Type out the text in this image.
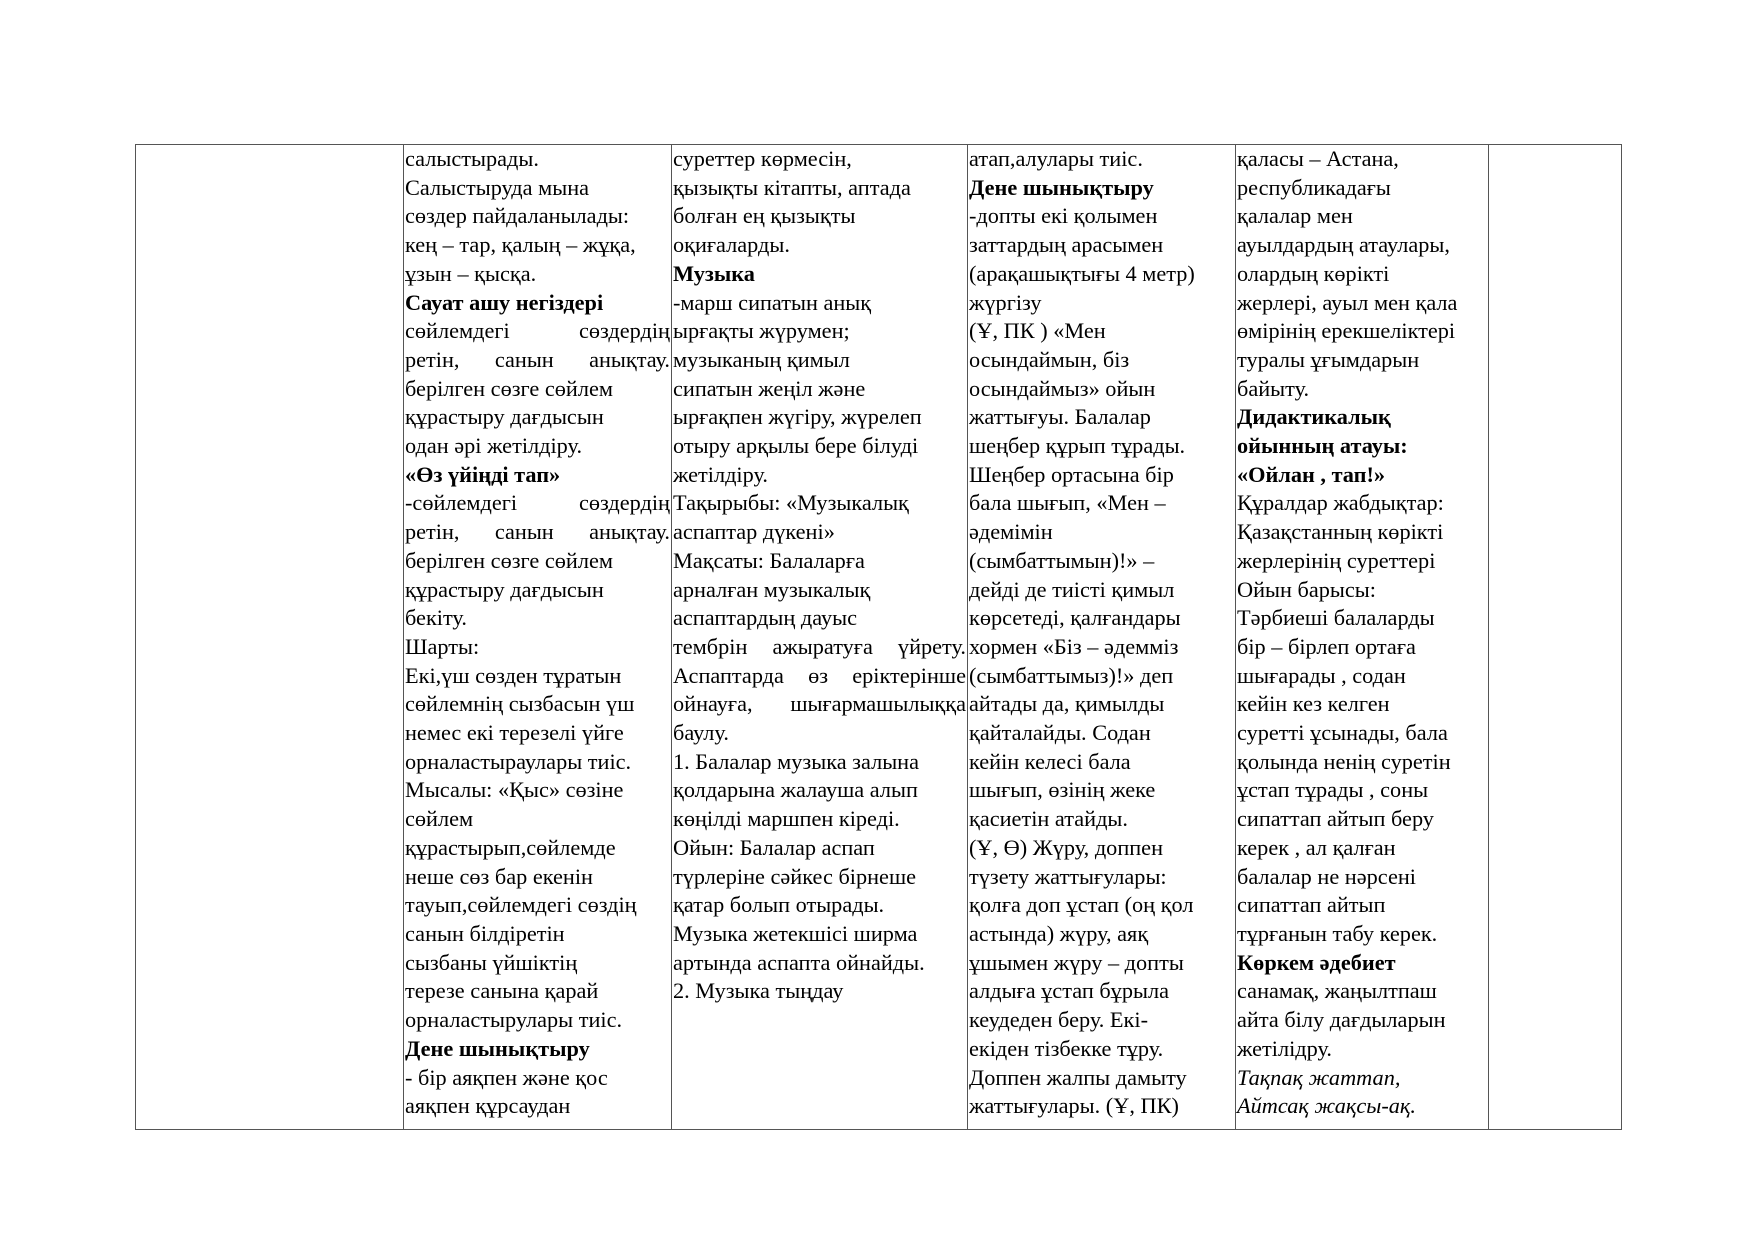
салыстырады.
Салыстыруда мына
сөздер пайдаланылады:
кең – тар, қалың – жұқа,
ұзын – қысқа.
Сауат ашу негіздері
сөйлемдегі	сөздердің
ретін, санын анықтау.
берілген сөзге сөйлем
құрастыру дағдысын
одан әрі жетілдіру.
«Өз үйіңді тап»
-сөйлемдегі	сөздердің
ретін, санын анықтау.
берілген сөзге сөйлем
құрастыру дағдысын
бекіту.
Шарты:
Екі,үш сөзден тұратын
сөйлемнің сызбасын үш
немес екі терезелі үйге
орналастыраулары тиіс.
Мысалы: «Қыс» сөзіне
сөйлем
құрастырып,сөйлемде
неше сөз бар екенін
тауып,сөйлемдегі сөздің
санын білдіретін
сызбаны үйшіктің
терезе санына қарай
орналастырулары тиіс.
Дене шынықтыру
- бір аяқпен және қос
аяқпен құрсаудан

суреттер көрмесін,
қызықты кітапты, аптада
болған ең қызықты
оқиғаларды.
Музыка
-марш сипатын анық
ырғақты жүрумен;
музыканың қимыл
сипатын жеңіл және
ырғақпен жүгіру, жүрелеп
отыру арқылы бере білуді
жетілдіру.
Тақырыбы: «Музыкалық
аспаптар дүкені»
Мақсаты: Балаларға
арналған музыкалық
аспаптардың дауыс
тембрін ажыратуға үйрету.
Аспаптарда өз еріктерінше
ойнауға, шығармашылыққа
баулу.
1. Балалар музыка залына
қолдарына жалауша алып
көңілді маршпен кіреді.
Ойын: Балалар аспап
түрлеріне сәйкес бірнеше
қатар болып отырады.
Музыка жетекшісі ширма
артында аспапта ойнайды.
2. Музыка тыңдау

атап,алулары тиіс.
Дене шынықтыру
-допты екі қолымен
заттардың арасымен
(арақашықтығы 4 метр)
жүргізу
(Ұ, ПК ) «Мен
осындаймын, біз
осындаймыз» ойын
жаттығуы. Балалар
шеңбер құрып тұрады.
Шеңбер ортасына бір
бала шығып, «Мен –
әдемімін
(сымбаттымын)!» –
дейді де тиісті қимыл
көрсетеді, қалғандары
хормен «Біз – әдемміз
(сымбаттымыз)!» деп
айтады да, қимылды
қайталайды. Содан
кейін келесі бала
шығып, өзінің жеке
қасиетін атайды.
(Ұ, Ө) Жүру, доппен
түзету жаттығулары:
қолға доп ұстап (оң қол
астында) жүру, аяқ
ұшымен жүру – допты
алдыға ұстап бұрыла
кеудеден беру. Екі-
екіден тізбекке тұру.
Доппен жалпы дамыту
жаттығулары. (Ұ, ПК)

қаласы – Астана,
республикадағы
қалалар мен
ауылдардың атаулары,
олардың көрікті
жерлері, ауыл мен қала
өмірінің ерекшеліктері
туралы ұғымдарын
байыту.
Дидактикалық
ойынның атауы:
«Ойлан , тап!»
Құралдар жабдықтар:
Қазақстанның көрікті
жерлерінің суреттері
Ойын барысы:
Тәрбиеші балаларды
бір – бірлеп ортаға
шығарады , содан
кейін кез келген
суретті ұсынады, бала
қолында ненің суретін
ұстап тұрады , соны
сипаттап айтып беру
керек , ал қалған
балалар не нәрсені
сипаттап айтып
тұрғанын табу керек.
Көркем әдебиет
санамақ, жаңылтпаш
айта білу дағдыларын
жетілідру.
Тақпақ жаттап,
Айтсақ жақсы-ақ.
